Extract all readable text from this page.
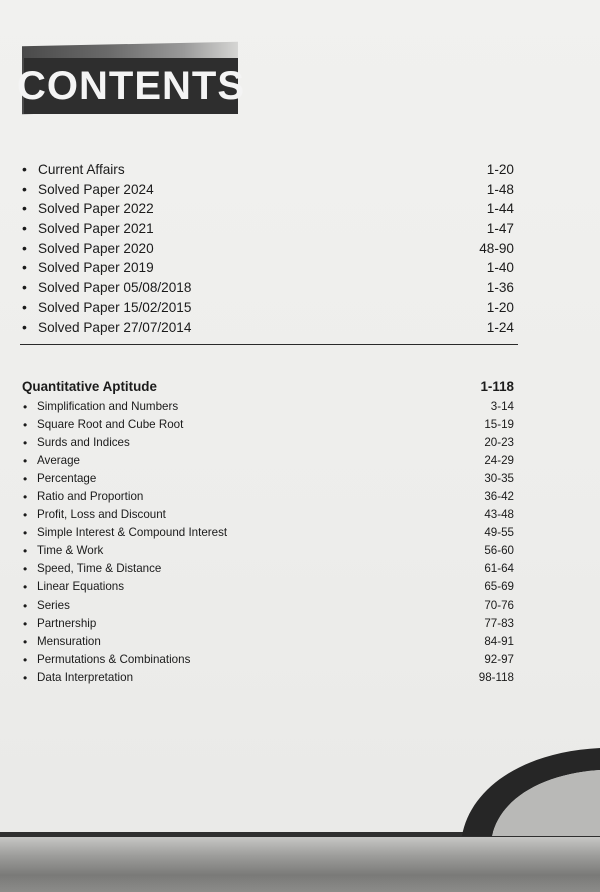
CONTENTS
• Current Affairs	1-20
• Solved Paper 2024	1-48
• Solved Paper 2022	1-44
• Solved Paper 2021	1-47
• Solved Paper 2020	48-90
• Solved Paper 2019	1-40
• Solved Paper 05/08/2018	1-36
• Solved Paper 15/02/2015	1-20
• Solved Paper 27/07/2014	1-24
Quantitative Aptitude	1-118
• Simplification and Numbers	3-14
• Square Root and Cube Root	15-19
• Surds and Indices	20-23
• Average	24-29
• Percentage	30-35
• Ratio and Proportion	36-42
• Profit, Loss and Discount	43-48
• Simple Interest & Compound Interest	49-55
• Time & Work	56-60
• Speed, Time & Distance	61-64
• Linear Equations	65-69
• Series	70-76
• Partnership	77-83
• Mensuration	84-91
• Permutations & Combinations	92-97
• Data Interpretation	98-118
